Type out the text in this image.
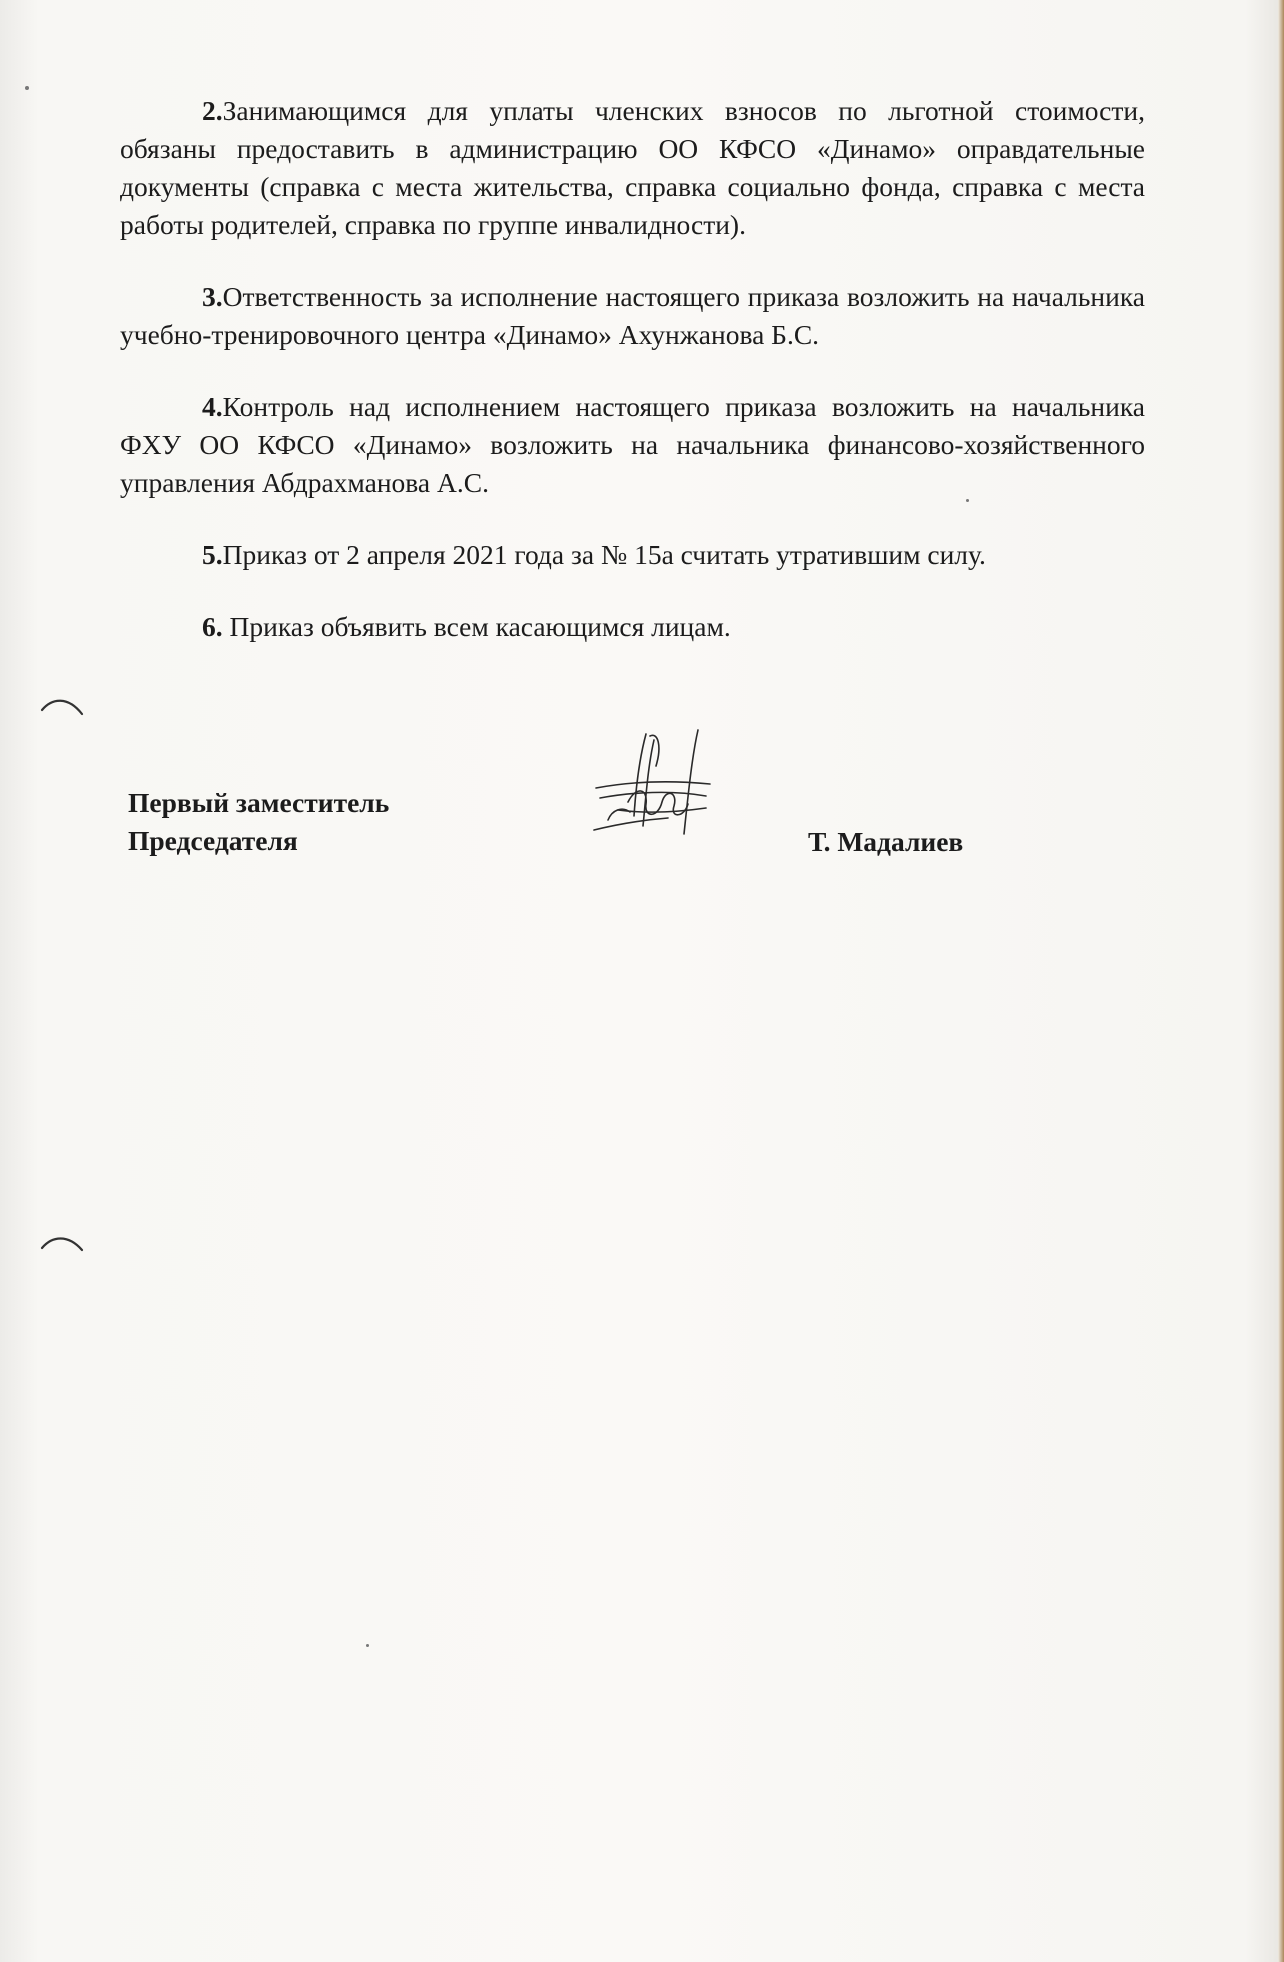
2.Занимающимся для уплаты членских взносов по льготной стоимости, обязаны предоставить в администрацию ОО КФСО «Динамо» оправдательные документы (справка с места жительства, справка социально фонда, справка с места работы родителей, справка по группе инвалидности).

3.Ответственность за исполнение настоящего приказа возложить на начальника учебно-тренировочного центра «Динамо» Ахунжанова Б.С.

4.Контроль над исполнением настоящего приказа возложить на начальника ФХУ ОО КФСО «Динамо» возложить на начальника финансово-хозяйственного управления Абдрахманова А.С.

5.Приказ от 2 апреля 2021 года за № 15а считать утратившим силу.

6. Приказ объявить всем касающимся лицам.

Первый заместитель
Председателя	Т. Мадалиев
